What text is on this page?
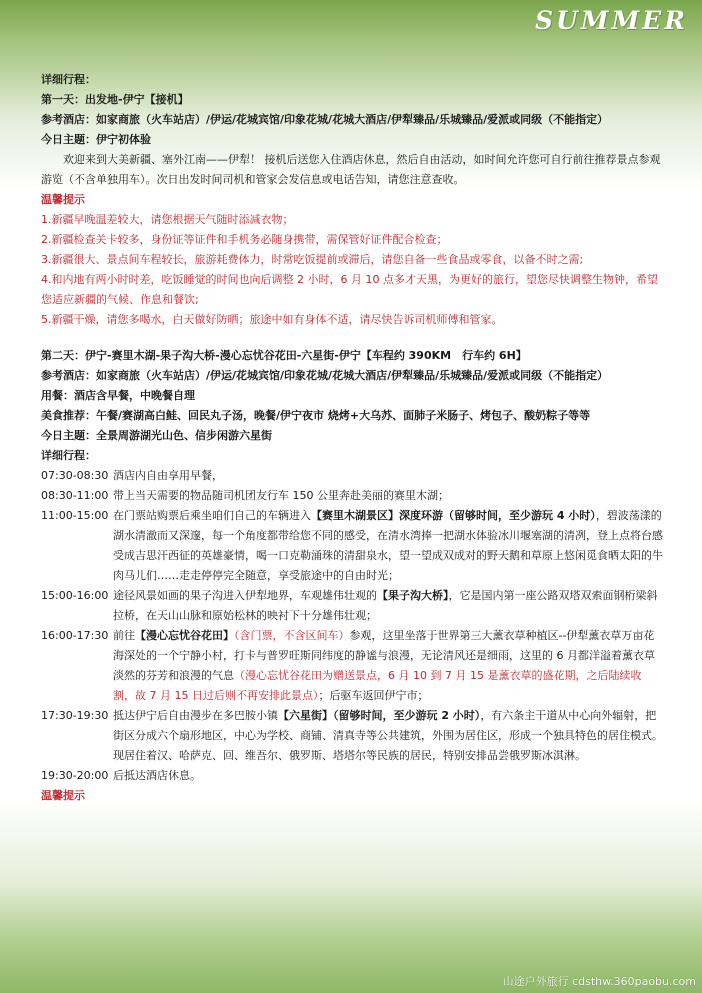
SUMMER

详细行程：

第一天：出发地-伊宁【接机】

参考酒店：如家商旅（火车站店）/伊运/花城宾馆/印象花城/花城大酒店/伊犁臻品/乐城臻品/爱派或同级（不能指定）

今日主题：伊宁初体验

欢迎来到大美新疆、塞外江南——伊犁！ 接机后送您入住酒店休息，然后自由活动，如时间允许您可自行前往推荐景点参观游览（不含单独用车）。次日出发时间司机和管家会发信息或电话告知，请您注意查收。

温馨提示

1.新疆早晚温差较大，请您根据天气随时添减衣物；

2.新疆检查关卡较多，身份证等证件和手机务必随身携带，需保管好证件配合检查；

3.新疆很大、景点间车程较长，旅游耗费体力，时常吃饭提前或滞后，请您自备一些食品或零食，以备不时之需;

4.和内地有两小时时差，吃饭睡觉的时间也向后调整 2 小时，6 月 10 点多才天黑，为更好的旅行，望您尽快调整生物钟，希望您适应新疆的气候、作息和餐饮;

5.新疆干燥，请您多喝水，白天做好防晒；旅途中如有身体不适，请尽快告诉司机师傅和管家。

第二天：伊宁-赛里木湖-果子沟大桥-漫心忘忧谷花田-六星街-伊宁【车程约 390KM　行车约 6H】

参考酒店：如家商旅（火车站店）/伊运/花城宾馆/印象花城/花城大酒店/伊犁臻品/乐城臻品/爱派或同级（不能指定）

用餐：酒店含早餐，中晚餐自理

美食推荐：午餐/赛湖高白鲑、回民丸子汤，晚餐/伊宁夜市 烧烤+大乌苏、面肺子米肠子、烤包子、酸奶粽子等等

今日主题：全景周游湖光山色、信步闲游六星街

详细行程：

07:30-08:30 酒店内自由享用早餐，
08:30-11:00 带上当天需要的物品随司机团友行车 150 公里奔赴美丽的赛里木湖；
11:00-15:00 在门票站购票后乘坐咱们自己的车辆进入【赛里木湖景区】深度环游（留够时间，至少游玩 4 小时），碧波荡漾的湖水清澈而又深邃，每一个角度都带给您不同的感受，在清水湾捧一把湖水体验冰川堰塞湖的清冽，登上点将台感受成吉思汗西征的英雄豪情，喝一口克勒涌珠的清甜泉水，望一望成双成对的野天鹅和草原上悠闲觅食晒太阳的牛肉马儿们……走走停停完全随意，享受旅途中的自由时光；
15:00-16:00 途径风景如画的果子沟进入伊犁地界，车观雄伟壮观的【果子沟大桥】，它是国内第一座公路双塔双索面钢桁梁斜拉桥，在天山山脉和原始松林的映衬下十分雄伟壮观；
16:00-17:30 前往【漫心忘忧谷花田】（含门票，不含区间车）参观，这里坐落于世界第三大薰衣草种植区--伊犁薰衣草万亩花海深处的一个宁静小村，打卡与普罗旺斯同纬度的静谧与浪漫，无论清风还是细雨，这里的 6 月都洋溢着薰衣草淡然的芬芳和浪漫的气息（漫心忘忧谷花田为赠送景点，6 月 10 到 7 月 15 是薰衣草的盛花期，之后陆续收割，故 7 月 15 日过后则不再安排此景点）；后驱车返回伊宁市；
17:30-19:30 抵达伊宁后自由漫步在多巴胺小镇【六星街】（留够时间，至少游玩 2 小时），有六条主干道从中心向外辐射，把街区分成六个扇形地区，中心为学校、商铺、清真寺等公共建筑，外围为居住区，形成一个独具特色的居住模式。现居住着汉、哈萨克、回、维吾尔、俄罗斯、塔塔尔等民族的居民，特别安排品尝俄罗斯冰淇淋。
19:30-20:00 后抵达酒店休息。

温馨提示

山途户外旅行 cdsthw.360paobu.com
